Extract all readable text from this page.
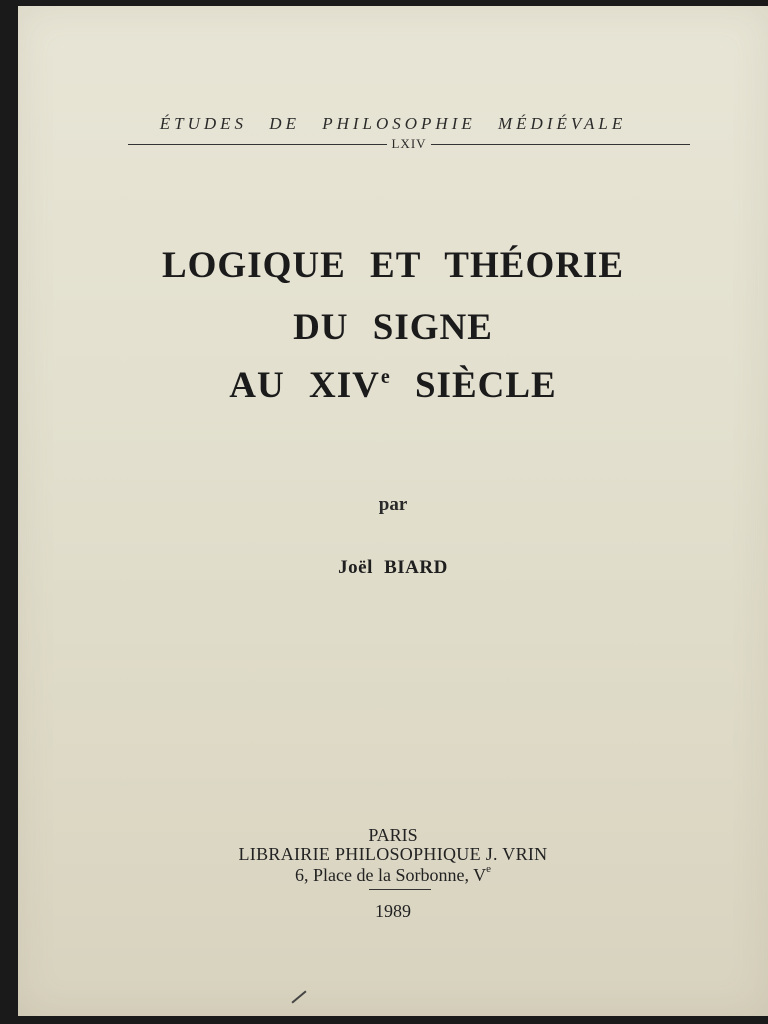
ÉTUDES DE PHILOSOPHIE MÉDIÉVALE
LXIV
LOGIQUE ET THÉORIE
DU SIGNE
AU XIVe SIÈCLE
par
Joël BIARD
PARIS
LIBRAIRIE PHILOSOPHIQUE J. VRIN
6, Place de la Sorbonne, Ve
1989
